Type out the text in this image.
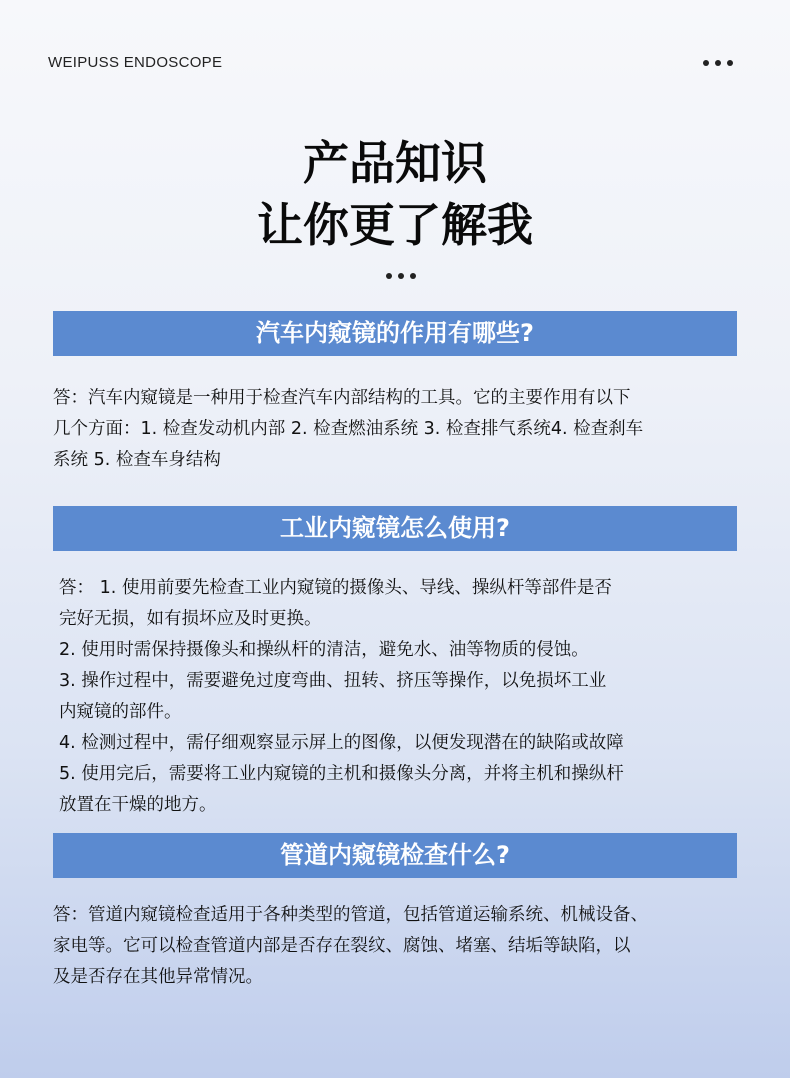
WEIPUSS ENDOSCOPE
产品知识
让你更了解我
汽车内窥镜的作用有哪些?
答：汽车内窥镜是一种用于检查汽车内部结构的工具。它的主要作用有以下
几个方面：1. 检查发动机内部 2. 检查燃油系统 3. 检查排气系统4. 检查刹车
系统 5. 检查车身结构
工业内窥镜怎么使用?
答： 1. 使用前要先检查工业内窥镜的摄像头、导线、操纵杆等部件是否
完好无损，如有损坏应及时更换。
2. 使用时需保持摄像头和操纵杆的清洁，避免水、油等物质的侵蚀。
3. 操作过程中，需要避免过度弯曲、扭转、挤压等操作，以免损坏工业
内窥镜的部件。
4. 检测过程中，需仔细观察显示屏上的图像，以便发现潜在的缺陷或故障
5. 使用完后，需要将工业内窥镜的主机和摄像头分离，并将主机和操纵杆
放置在干燥的地方。
管道内窥镜检查什么?
答：管道内窥镜检查适用于各种类型的管道，包括管道运输系统、机械设备、
家电等。它可以检查管道内部是否存在裂纹、腐蚀、堵塞、结垢等缺陷，以
及是否存在其他异常情况。
